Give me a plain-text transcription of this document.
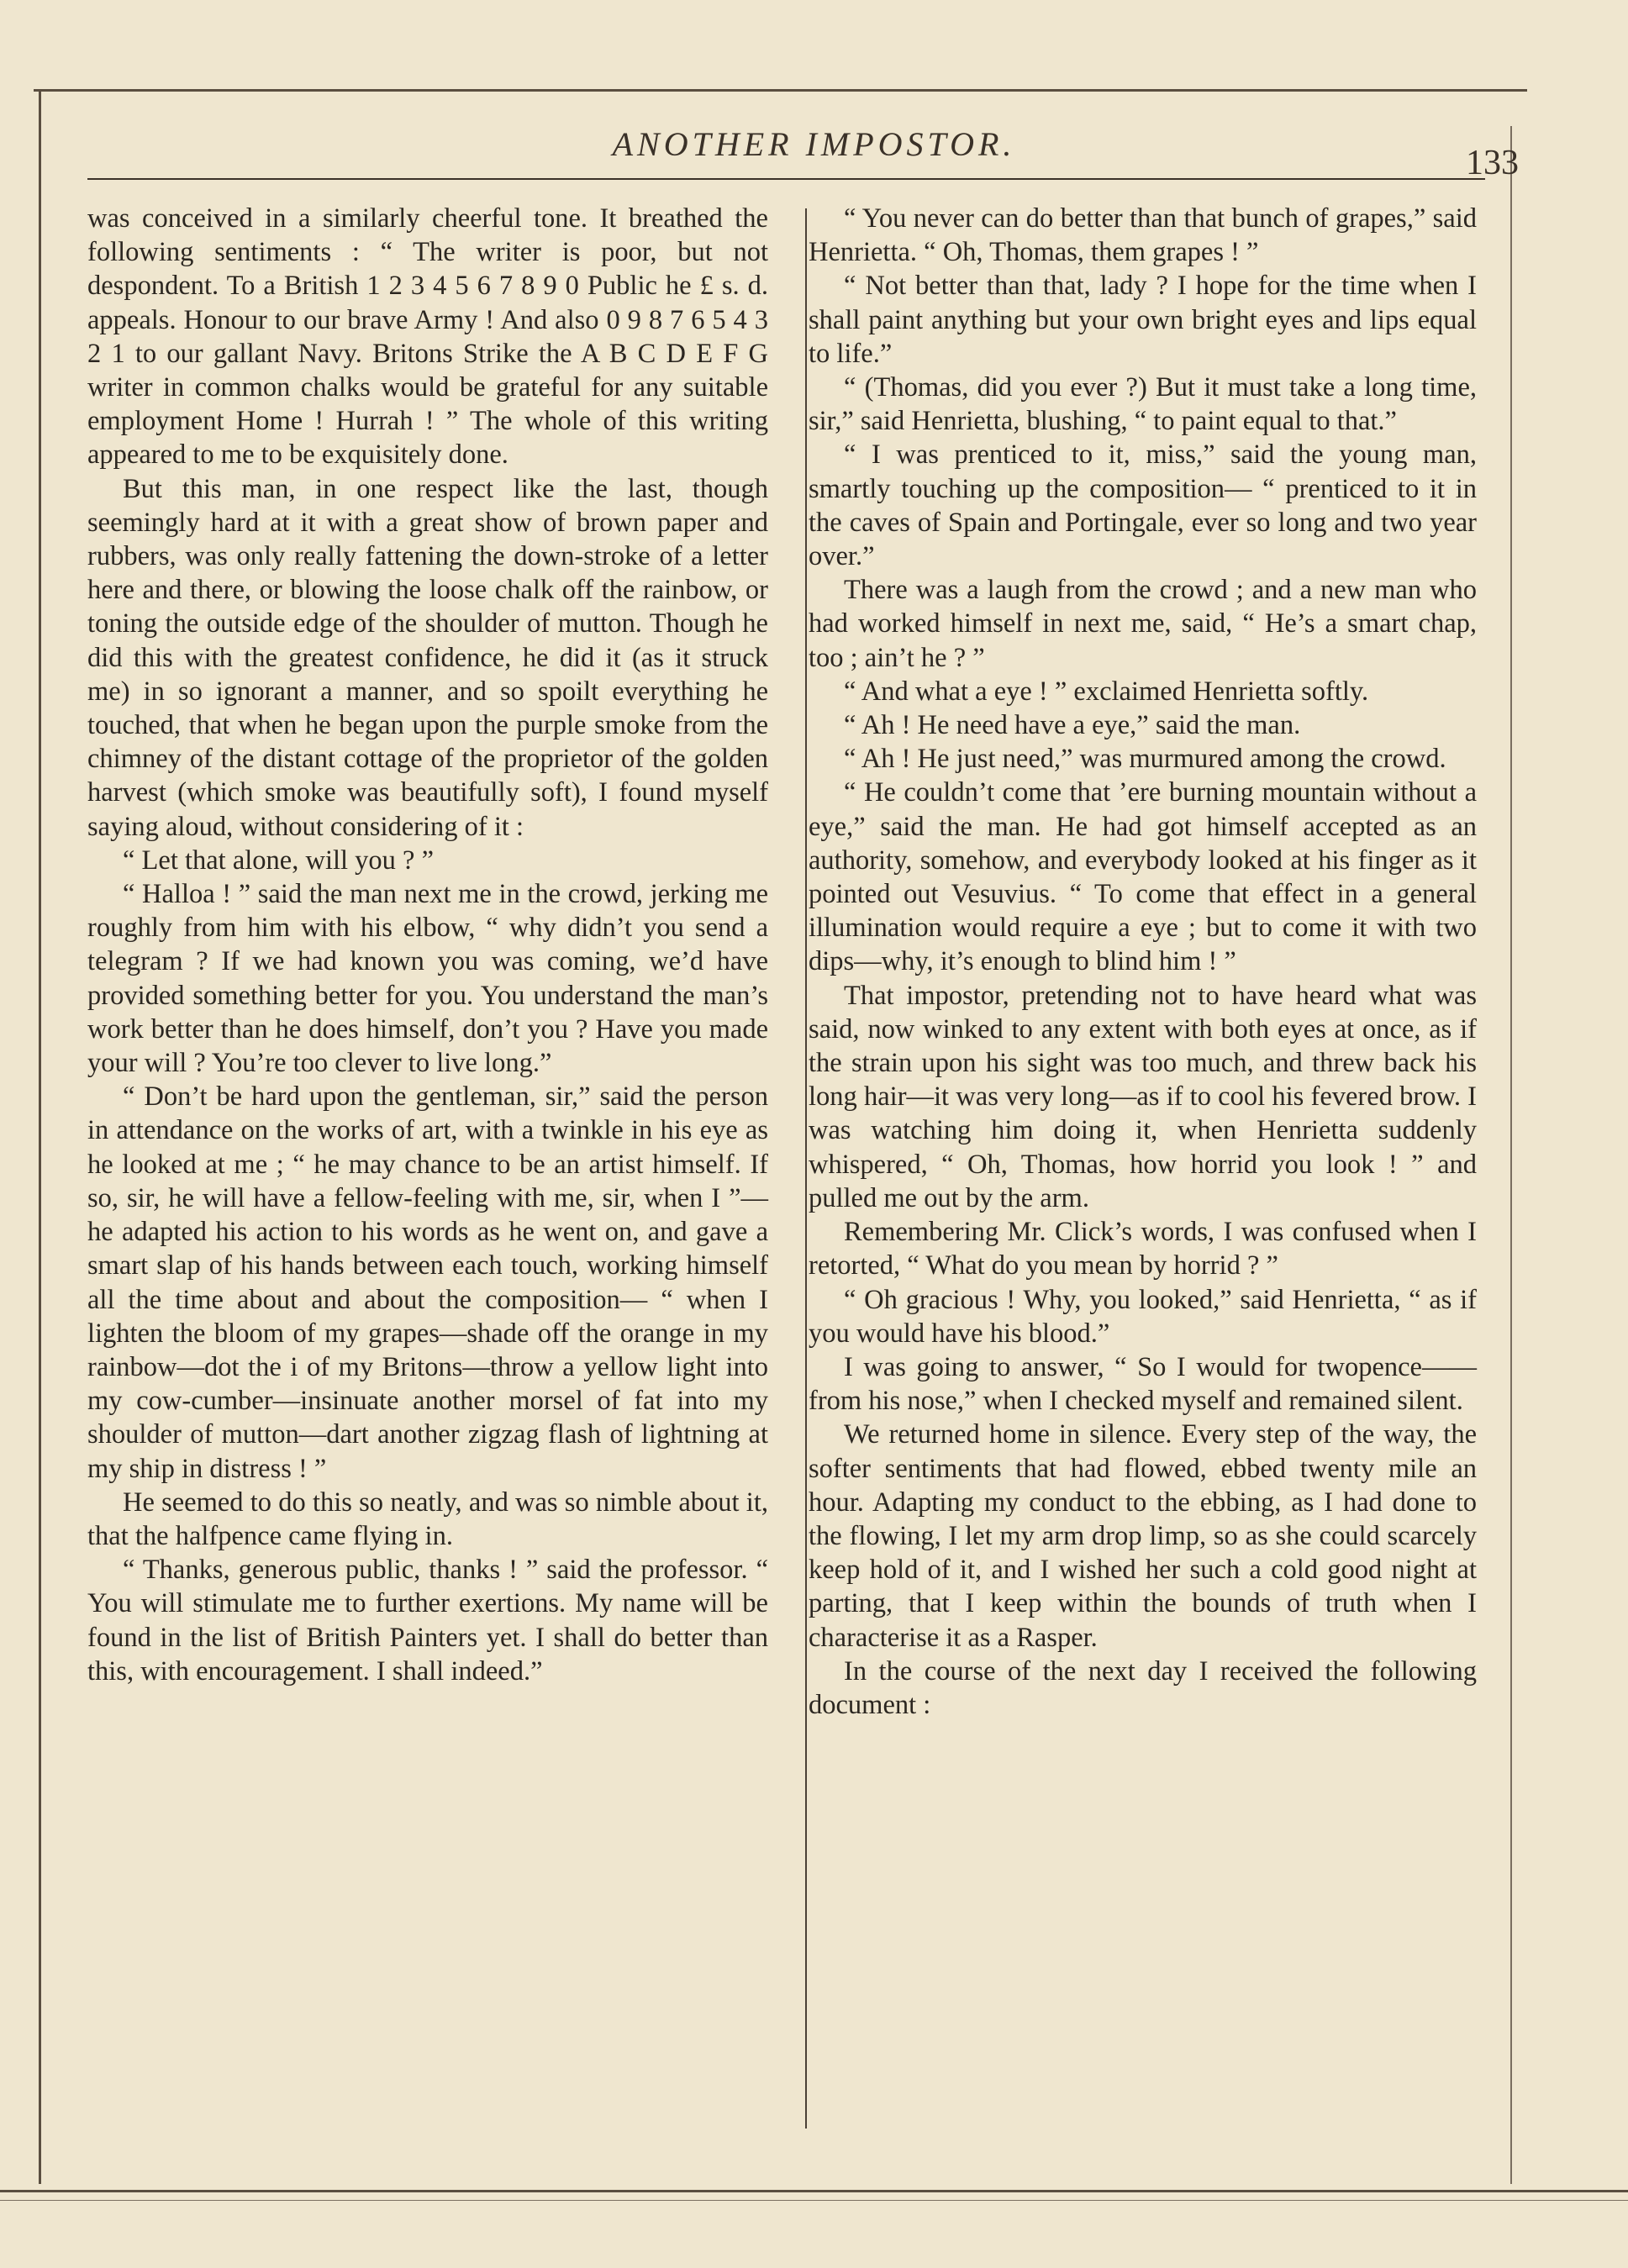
ANOTHER IMPOSTOR.	133

was conceived in a similarly cheerful tone. It breathed the following sentiments : “ The writer is poor, but not despondent. To a British 1 2 3 4 5 6 7 8 9 0 Public he £ s. d. appeals. Honour to our brave Army ! And also 0 9 8 7 6 5 4 3 2 1 to our gallant Navy. Britons Strike the A B C D E F G writer in common chalks would be grateful for any suitable employment Home ! Hurrah ! ” The whole of this writing appeared to me to be exquisitely done.

But this man, in one respect like the last, though seemingly hard at it with a great show of brown paper and rubbers, was only really fattening the down-stroke of a letter here and there, or blowing the loose chalk off the rainbow, or toning the outside edge of the shoulder of mutton. Though he did this with the greatest confidence, he did it (as it struck me) in so ignorant a manner, and so spoilt everything he touched, that when he began upon the purple smoke from the chimney of the distant cottage of the proprietor of the golden harvest (which smoke was beautifully soft), I found myself saying aloud, without considering of it :

“ Let that alone, will you ? ”

“ Halloa ! ” said the man next me in the crowd, jerking me roughly from him with his elbow, “ why didn’t you send a telegram ? If we had known you was coming, we’d have provided something better for you. You understand the man’s work better than he does himself, don’t you ? Have you made your will ? You’re too clever to live long.”

“ Don’t be hard upon the gentleman, sir,” said the person in attendance on the works of art, with a twinkle in his eye as he looked at me ; “ he may chance to be an artist himself. If so, sir, he will have a fellow-feeling with me, sir, when I ”—he adapted his action to his words as he went on, and gave a smart slap of his hands between each touch, working himself all the time about and about the composition— “ when I lighten the bloom of my grapes—shade off the orange in my rainbow—dot the i of my Britons—throw a yellow light into my cow-cumber—insinuate another morsel of fat into my shoulder of mutton—dart another zigzag flash of lightning at my ship in distress ! ”

He seemed to do this so neatly, and was so nimble about it, that the halfpence came flying in.

“ Thanks, generous public, thanks ! ” said the professor. “ You will stimulate me to further exertions. My name will be found in the list of British Painters yet. I shall do better than this, with encouragement. I shall indeed.”

“ You never can do better than that bunch of grapes,” said Henrietta. “ Oh, Thomas, them grapes ! ”

“ Not better than that, lady ? I hope for the time when I shall paint anything but your own bright eyes and lips equal to life.”

“ (Thomas, did you ever ?) But it must take a long time, sir,” said Henrietta, blushing, “ to paint equal to that.”

“ I was prenticed to it, miss,” said the young man, smartly touching up the composition— “ prenticed to it in the caves of Spain and Portingale, ever so long and two year over.”

There was a laugh from the crowd ; and a new man who had worked himself in next me, said, “ He’s a smart chap, too ; ain’t he ? ”

“ And what a eye ! ” exclaimed Henrietta softly.

“ Ah ! He need have a eye,” said the man.

“ Ah ! He just need,” was murmured among the crowd.

“ He couldn’t come that ’ere burning mountain without a eye,” said the man. He had got himself accepted as an authority, somehow, and everybody looked at his finger as it pointed out Vesuvius. “ To come that effect in a general illumination would require a eye ; but to come it with two dips—why, it’s enough to blind him ! ”

That impostor, pretending not to have heard what was said, now winked to any extent with both eyes at once, as if the strain upon his sight was too much, and threw back his long hair—it was very long—as if to cool his fevered brow. I was watching him doing it, when Henrietta suddenly whispered, “ Oh, Thomas, how horrid you look ! ” and pulled me out by the arm.

Remembering Mr. Click’s words, I was confused when I retorted, “ What do you mean by horrid ? ”

“ Oh gracious ! Why, you looked,” said Henrietta, “ as if you would have his blood.”

I was going to answer, “ So I would for twopence——from his nose,” when I checked myself and remained silent.

We returned home in silence. Every step of the way, the softer sentiments that had flowed, ebbed twenty mile an hour. Adapting my conduct to the ebbing, as I had done to the flowing, I let my arm drop limp, so as she could scarcely keep hold of it, and I wished her such a cold good night at parting, that I keep within the bounds of truth when I characterise it as a Rasper.

In the course of the next day I received the following document :
